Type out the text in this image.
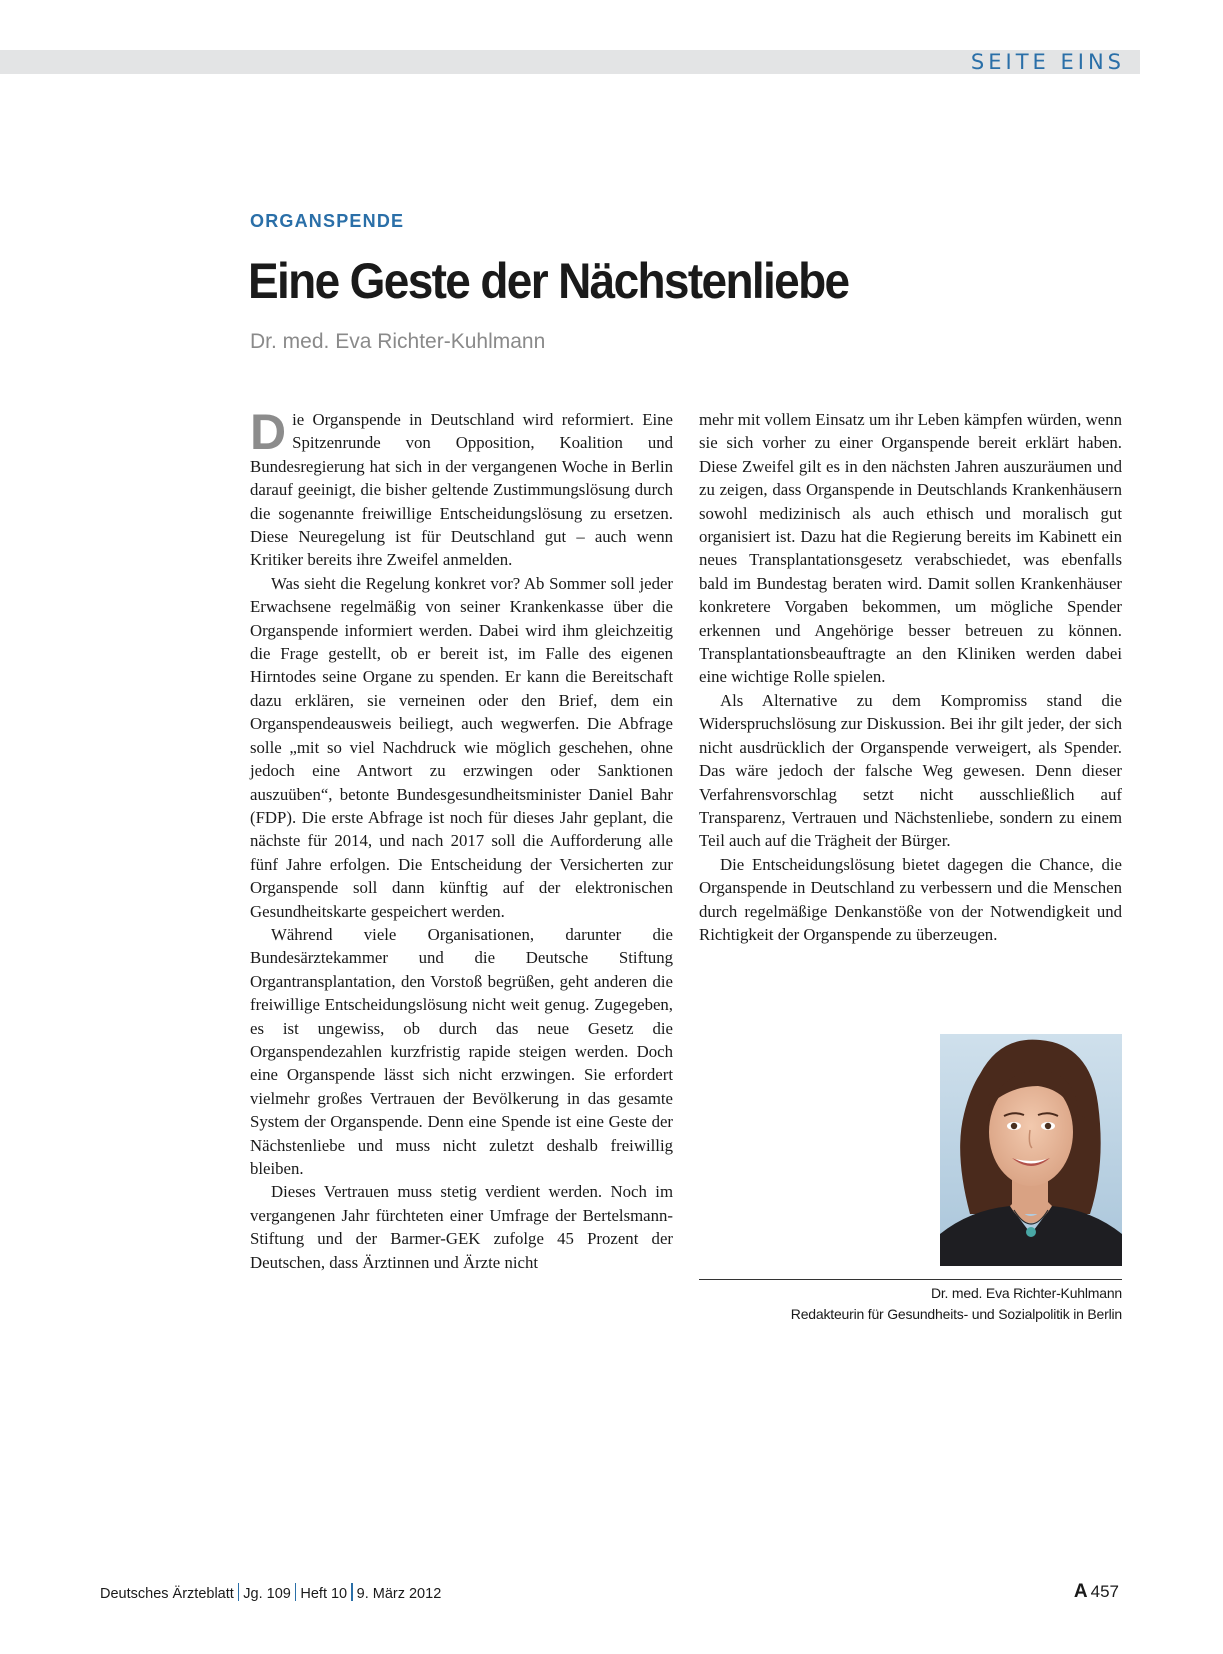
SEITE EINS
ORGANSPENDE
Eine Geste der Nächstenliebe
Dr. med. Eva Richter-Kuhlmann

Die Organspende in Deutschland wird reformiert. Eine Spitzenrunde von Opposition, Koalition und Bundesregierung hat sich in der vergangenen Woche in Berlin darauf geeinigt, die bisher geltende Zustimmungslösung durch die sogenannte freiwillige Entscheidungslösung zu ersetzen. Diese Neuregelung ist für Deutschland gut – auch wenn Kritiker bereits ihre Zweifel anmelden.

Was sieht die Regelung konkret vor? Ab Sommer soll jeder Erwachsene regelmäßig von seiner Krankenkasse über die Organspende informiert werden. Dabei wird ihm gleichzeitig die Frage gestellt, ob er bereit ist, im Falle des eigenen Hirntodes seine Organe zu spenden. Er kann die Bereitschaft dazu erklären, sie verneinen oder den Brief, dem ein Organspendeausweis beiliegt, auch wegwerfen. Die Abfrage solle „mit so viel Nachdruck wie möglich geschehen, ohne jedoch eine Antwort zu erzwingen oder Sanktionen auszuüben“, betonte Bundesgesundheitsminister Daniel Bahr (FDP). Die erste Abfrage ist noch für dieses Jahr geplant, die nächste für 2014, und nach 2017 soll die Aufforderung alle fünf Jahre erfolgen. Die Entscheidung der Versicherten zur Organspende soll dann künftig auf der elektronischen Gesundheitskarte gespeichert werden.

Während viele Organisationen, darunter die Bundesärztekammer und die Deutsche Stiftung Organtransplantation, den Vorstoß begrüßen, geht anderen die freiwillige Entscheidungslösung nicht weit genug. Zugegeben, es ist ungewiss, ob durch das neue Gesetz die Organspendezahlen kurzfristig rapide steigen werden. Doch eine Organspende lässt sich nicht erzwingen. Sie erfordert vielmehr großes Vertrauen der Bevölkerung in das gesamte System der Organspende. Denn eine Spende ist eine Geste der Nächstenliebe und muss nicht zuletzt deshalb freiwillig bleiben.

Dieses Vertrauen muss stetig verdient werden. Noch im vergangenen Jahr fürchteten einer Umfrage der Bertelsmann-Stiftung und der Barmer-GEK zufolge 45 Prozent der Deutschen, dass Ärztinnen und Ärzte nicht

mehr mit vollem Einsatz um ihr Leben kämpfen würden, wenn sie sich vorher zu einer Organspende bereit erklärt haben. Diese Zweifel gilt es in den nächsten Jahren auszuräumen und zu zeigen, dass Organspende in Deutschlands Krankenhäusern sowohl medizinisch als auch ethisch und moralisch gut organisiert ist. Dazu hat die Regierung bereits im Kabinett ein neues Transplantationsgesetz verabschiedet, was ebenfalls bald im Bundestag beraten wird. Damit sollen Krankenhäuser konkretere Vorgaben bekommen, um mögliche Spender erkennen und Angehörige besser betreuen zu können. Transplantationsbeauftragte an den Kliniken werden dabei eine wichtige Rolle spielen.

Als Alternative zu dem Kompromiss stand die Widerspruchslösung zur Diskussion. Bei ihr gilt jeder, der sich nicht ausdrücklich der Organspende verweigert, als Spender. Das wäre jedoch der falsche Weg gewesen. Denn dieser Verfahrensvorschlag setzt nicht ausschließlich auf Transparenz, Vertrauen und Nächstenliebe, sondern zu einem Teil auch auf die Trägheit der Bürger.

Die Entscheidungslösung bietet dagegen die Chance, die Organspende in Deutschland zu verbessern und die Menschen durch regelmäßige Denkanstöße von der Notwendigkeit und Richtigkeit der Organspende zu überzeugen.

Dr. med. Eva Richter-Kuhlmann
Redakteurin für Gesundheits- und Sozialpolitik in Berlin
Deutsches Ärzteblatt Jg. 109 Heft 10 9. März 2012	A 457
